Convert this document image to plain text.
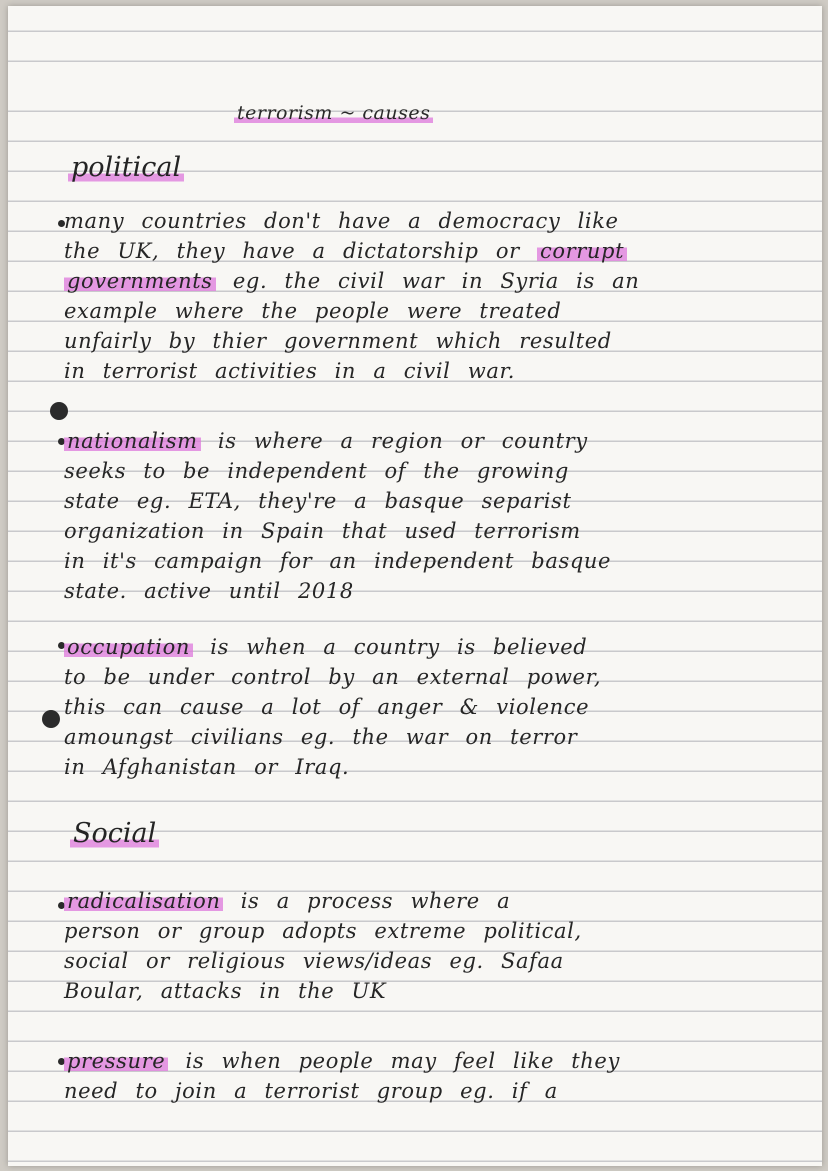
terrorism ~ causes
political
many countries don't have a democracy like
the UK, they have a dictatorship or corrupt
governments eg. the civil war in Syria is an
example where the people were treated
unfairly by thier government which resulted
in terrorist activities in a civil war.
nationalism is where a region or country
seeks to be independent of the growing
state eg. ETA, they're a basque separist
organization in Spain that used terrorism
in it's campaign for an independent basque
state. active until 2018
occupation is when a country is believed
to be under control by an external power,
this can cause a lot of anger & violence
amoungst civilians eg. the war on terror
in Afghanistan or Iraq.
Social
radicalisation is a process where a
person or group adopts extreme political,
social or religious views/ideas eg. Safaa
Boular, attacks in the UK
pressure is when people may feel like they
need to join a terrorist group eg. if a
